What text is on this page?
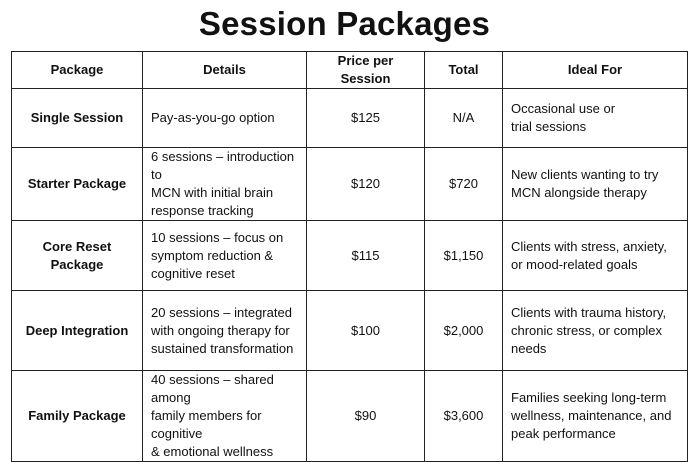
Session Packages
Package	Details	Price per Session	Total	Ideal For
Single Session	Pay-as-you-go option	$125	N/A	Occasional use or
trial sessions

Starter Package	6 sessions – introduction to
MCN with initial brain
response tracking	$120	$720	New clients wanting to try
MCN alongside therapy

Core Reset Package	10 sessions – focus on
symptom reduction &
cognitive reset	$115	$1,150	Clients with stress, anxiety,
or mood-related goals

Deep Integration	20 sessions – integrated
with ongoing therapy for
sustained transformation	$100	$2,000	Clients with trauma history,
chronic stress, or complex
needs

Family Package	40 sessions – shared among
family members for cognitive
& emotional wellness	$90	$3,600	Families seeking long-term
wellness, maintenance, and
peak performance
